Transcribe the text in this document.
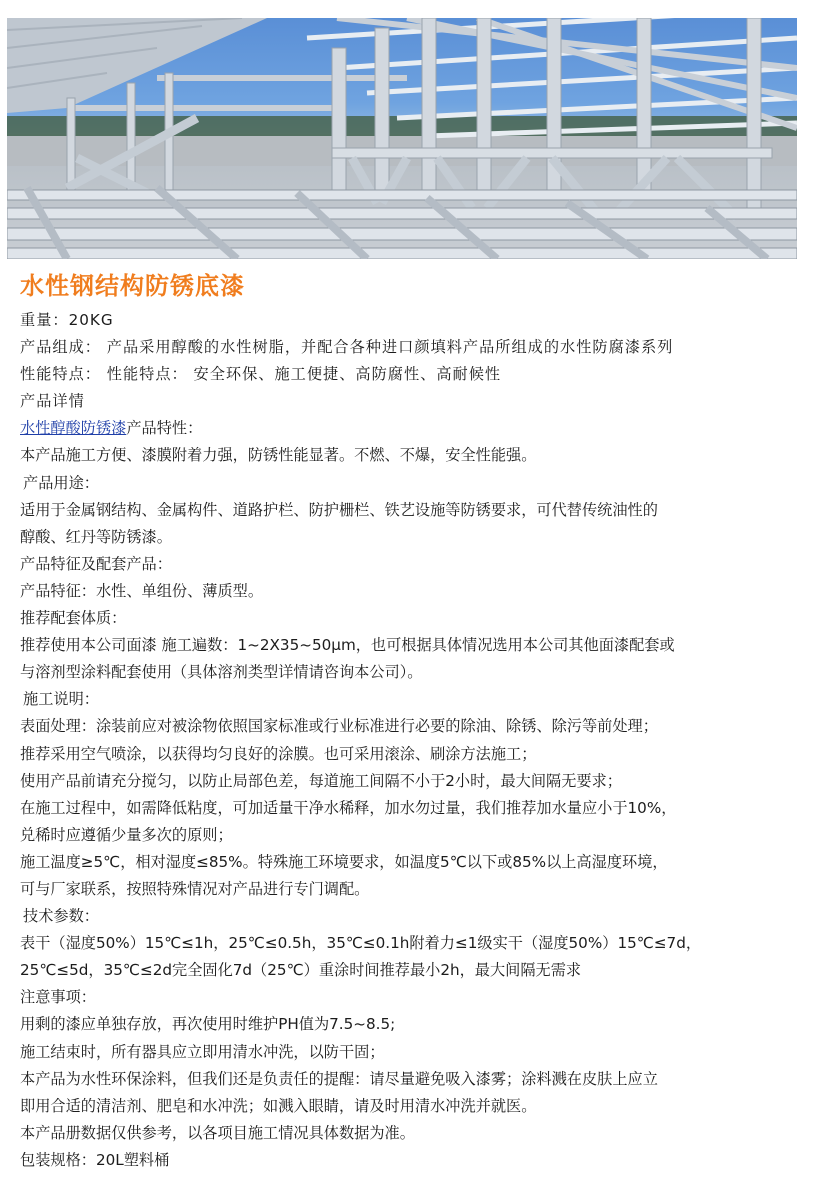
水性钢结构防锈底漆
重量：20KG
产品组成： 产品采用醇酸的水性树脂，并配合各种进口颜填料产品所组成的水性防腐漆系列
性能特点： 性能特点： 安全环保、施工便捷、高防腐性、高耐候性
产品详情
水性醇酸防锈漆产品特性：
本产品施工方便、漆膜附着力强，防锈性能显著。不燃、不爆，安全性能强。
产品用途：
适用于金属钢结构、金属构件、道路护栏、防护栅栏、铁艺设施等防锈要求，可代替传统油性的
醇酸、红丹等防锈漆。
产品特征及配套产品：
产品特征：水性、单组份、薄质型。
推荐配套体质：
推荐使用本公司面漆 施工遍数：1~2X35~50μm，也可根据具体情况选用本公司其他面漆配套或
与溶剂型涂料配套使用（具体溶剂类型详情请咨询本公司）。
施工说明：
表面处理：涂装前应对被涂物依照国家标准或行业标准进行必要的除油、除锈、除污等前处理；
推荐采用空气喷涂，以获得均匀良好的涂膜。也可采用滚涂、刷涂方法施工；
使用产品前请充分搅匀，以防止局部色差，每道施工间隔不小于2小时，最大间隔无要求；
在施工过程中，如需降低粘度，可加适量干净水稀释，加水勿过量，我们推荐加水量应小于10%，
兑稀时应遵循少量多次的原则；
施工温度≥5℃，相对湿度≤85%。特殊施工环境要求，如温度5℃以下或85%以上高湿度环境，
可与厂家联系，按照特殊情况对产品进行专门调配。
技术参数：
表干（湿度50%）15℃≤1h，25℃≤0.5h，35℃≤0.1h附着力≤1级实干（湿度50%）15℃≤7d，
25℃≤5d，35℃≤2d完全固化7d（25℃）重涂时间推荐最小2h，最大间隔无需求
注意事项：
用剩的漆应单独存放，再次使用时维护PH值为7.5~8.5;
施工结束时，所有器具应立即用清水冲洗，以防干固；
本产品为水性环保涂料，但我们还是负责任的提醒：请尽量避免吸入漆雾；涂料溅在皮肤上应立
即用合适的清洁剂、肥皂和水冲洗；如溅入眼睛，请及时用清水冲洗并就医。
本产品册数据仅供参考，以各项目施工情况具体数据为准。
包装规格：20L塑料桶
